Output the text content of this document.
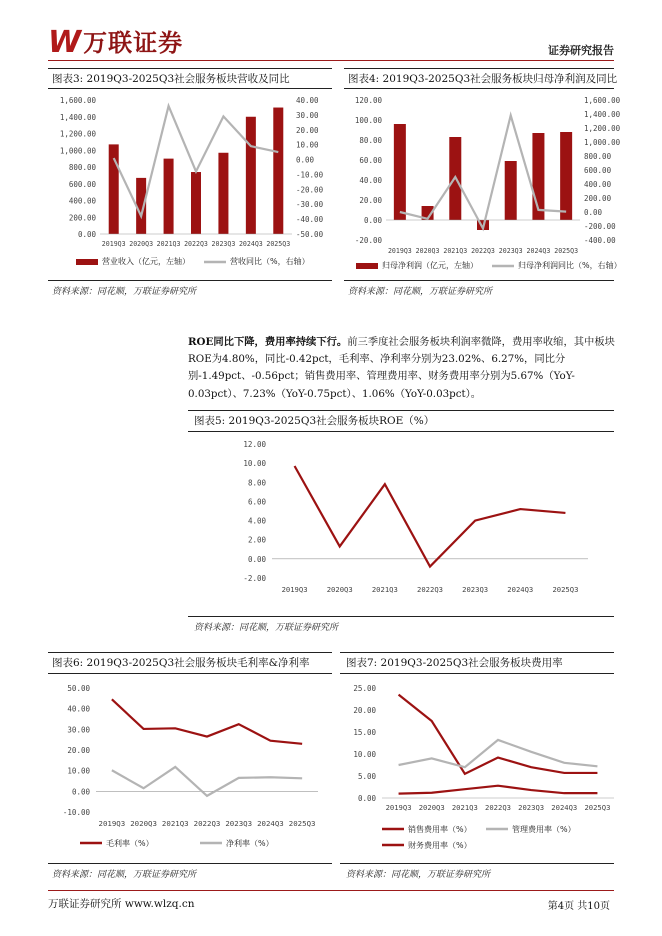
W 万联证券	证券研究报告
图表3: 2019Q3-2025Q3社会服务板块营收及同比	图表4: 2019Q3-2025Q3社会服务板块归母净利润及同比
0.00
200.00
400.00
600.00
800.00
1,000.00
1,200.00
1,400.00
1,600.00
-50.00
-40.00
-30.00
-20.00
-10.00
0.00
10.00
20.00
30.00
40.00
2019Q3 2020Q3 2021Q3 2022Q3 2023Q3 2024Q3 2025Q3
营业收入（亿元，左轴）	营收同比（%，右轴）
-20.00
0.00
20.00
40.00
60.00
80.00
100.00
120.00
-400.00
-200.00
0.00
200.00
400.00
600.00
800.00
1,000.00
1,200.00
1,400.00
1,600.00
2019Q3 2020Q3 2021Q3 2022Q3 2023Q3 2024Q3 2025Q3
归母净利润（亿元，左轴）	归母净利润同比（%，右轴）
资料来源：同花顺，万联证券研究所	资料来源：同花顺，万联证券研究所
ROE同比下降，费用率持续下行。前三季度社会服务板块利润率微降，费用率收缩，其中板块ROE为4.80%，同比-0.42pct，毛利率、净利率分别为23.02%、6.27%，同比分别-1.49pct、-0.56pct；销售费用率、管理费用率、财务费用率分别为5.67%（YoY-0.03pct）、7.23%（YoY-0.75pct）、1.06%（YoY-0.03pct）。
图表5: 2019Q3-2025Q3社会服务板块ROE（%）
-2.00
0.00
2.00
4.00
6.00
8.00
10.00
12.00
2019Q3	2020Q3	2021Q3	2022Q3	2023Q3	2024Q3	2025Q3
资料来源：同花顺，万联证券研究所
图表6: 2019Q3-2025Q3社会服务板块毛利率&净利率	图表7: 2019Q3-2025Q3社会服务板块费用率
-10.00
0.00
10.00
20.00
30.00
40.00
50.00
2019Q3 2020Q3 2021Q3 2022Q3 2023Q3 2024Q3 2025Q3
毛利率（%）	净利率（%）
0.00
5.00
10.00
15.00
20.00
25.00
2019Q3 2020Q3 2021Q3 2022Q3 2023Q3 2024Q3 2025Q3
销售费用率（%）	管理费用率（%）
财务费用率（%）
资料来源：同花顺，万联证券研究所	资料来源：同花顺，万联证券研究所
万联证券研究所 www.wlzq.cn	第4页 共10页
